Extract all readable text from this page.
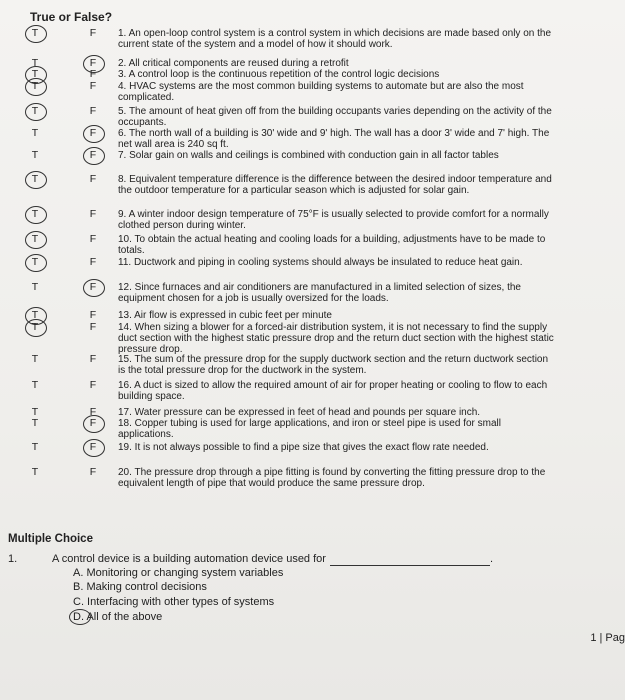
True or False?
T	F	1. An open-loop control system is a control system in which decisions are made based only on the current state of the system and a model of how it should work.
T	F	2. All critical components are reused during a retrofit
T	F	3. A control loop is the continuous repetition of the control logic decisions
T	F	4. HVAC systems are the most common building systems to automate but are also the most complicated.
T	F	5. The amount of heat given off from the building occupants varies depending on the activity of the occupants.
T	F	6. The north wall of a building is 30' wide and 9' high. The wall has a door 3' wide and 7' high. The net wall area is 240 sq ft.
T	F	7. Solar gain on walls and ceilings is combined with conduction gain in all factor tables
T	F	8. Equivalent temperature difference is the difference between the desired indoor temperature and the outdoor temperature for a particular season which is adjusted for solar gain.
T	F	9. A winter indoor design temperature of 75°F is usually selected to provide comfort for a normally clothed person during winter.
T	F	10. To obtain the actual heating and cooling loads for a building, adjustments have to be made to totals.
T	F	11. Ductwork and piping in cooling systems should always be insulated to reduce heat gain.
T	F	12. Since furnaces and air conditioners are manufactured in a limited selection of sizes, the equipment chosen for a job is usually oversized for the loads.
T	F	13. Air flow is expressed in cubic feet per minute
T	F	14. When sizing a blower for a forced-air distribution system, it is not necessary to find the supply duct section with the highest static pressure drop and the return duct section with the highest static pressure drop.
T	F	15. The sum of the pressure drop for the supply ductwork section and the return ductwork section is the total pressure drop for the ductwork in the system.
T	F	16. A duct is sized to allow the required amount of air for proper heating or cooling to flow to each building space.
T	F	17. Water pressure can be expressed in feet of head and pounds per square inch.
T	F	18. Copper tubing is used for large applications, and iron or steel pipe is used for small applications.
T	F	19. It is not always possible to find a pipe size that gives the exact flow rate needed.
T	F	20. The pressure drop through a pipe fitting is found by converting the fitting pressure drop to the equivalent length of pipe that would produce the same pressure drop.
Multiple Choice
1.	A control device is a building automation device used for	.
A. Monitoring or changing system variables
B. Making control decisions
C. Interfacing with other types of systems
D. All of the above
1 | Pag
